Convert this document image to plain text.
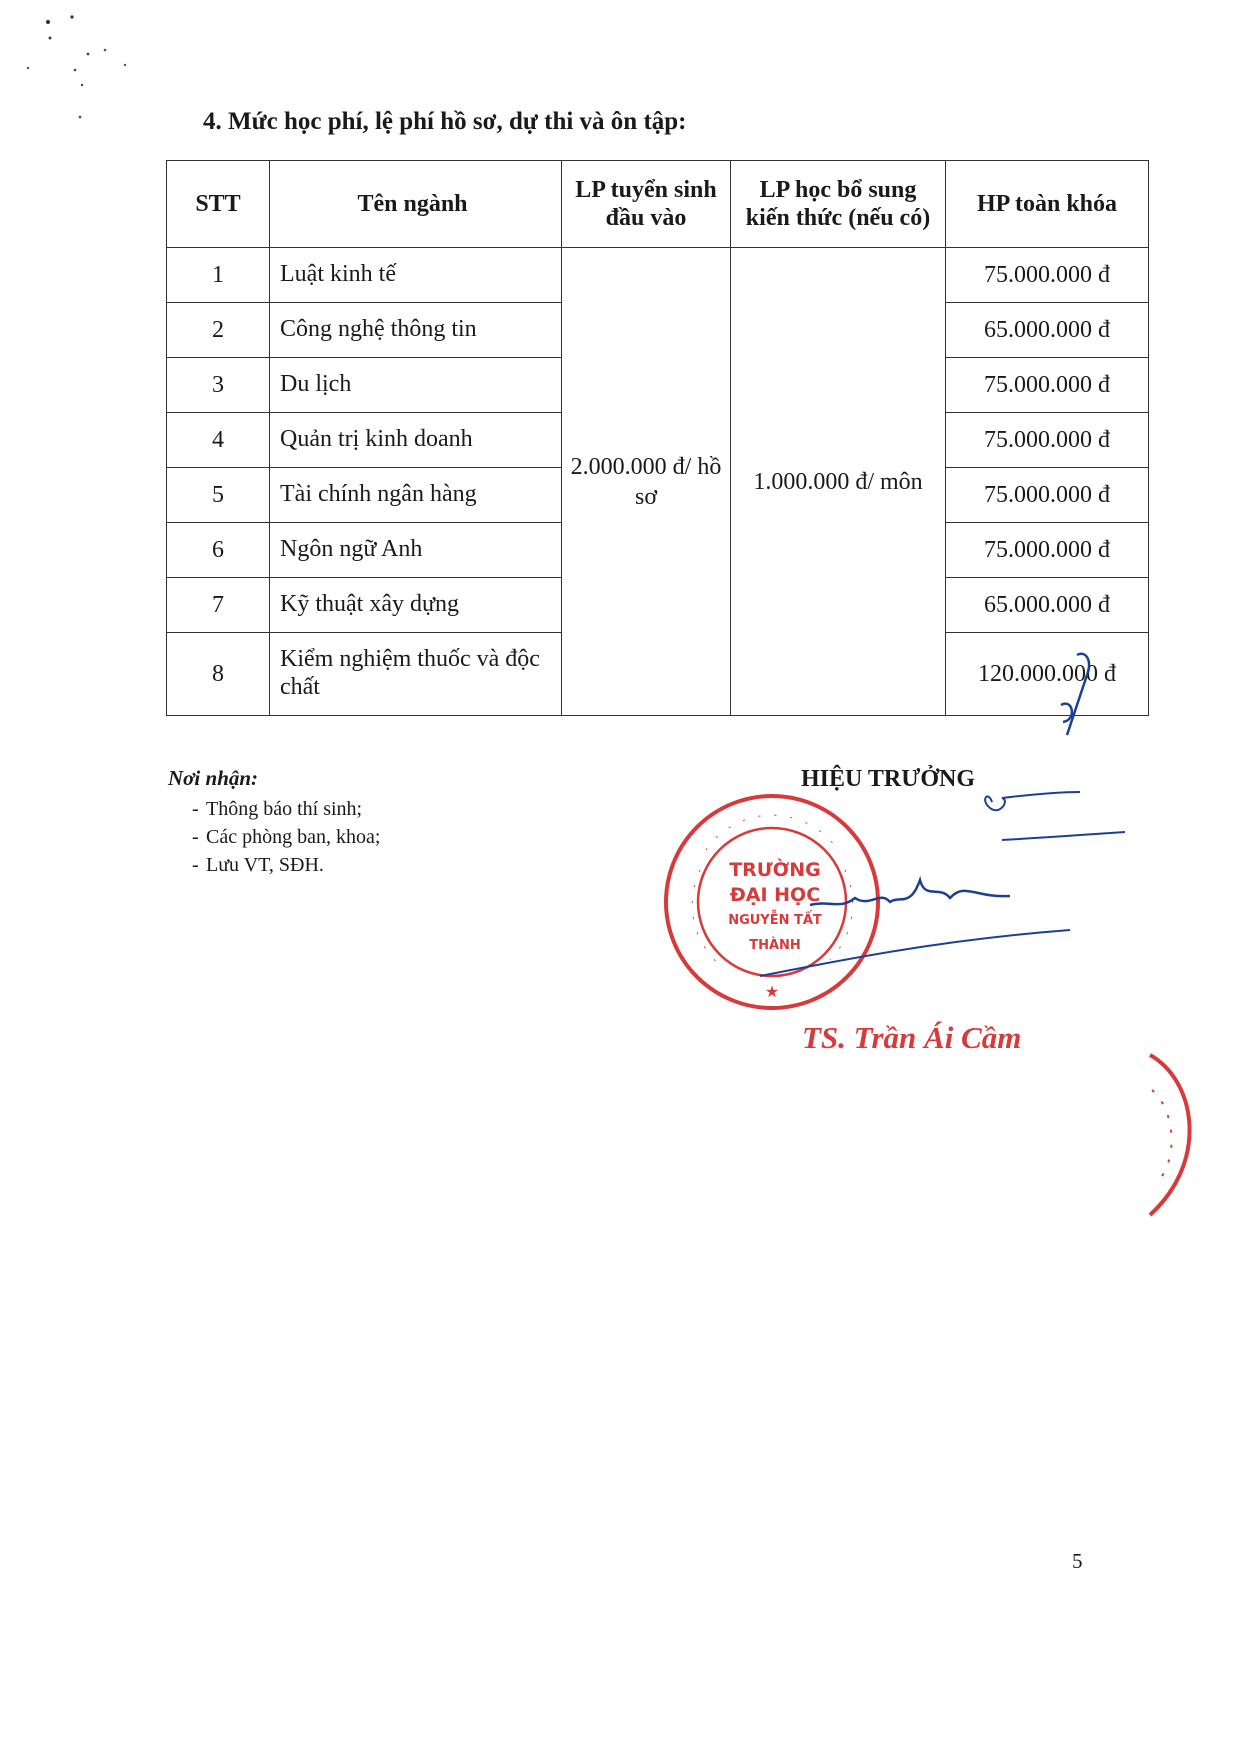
4. Mức học phí, lệ phí hồ sơ, dự thi và ôn tập:
STT	Tên ngành	LP tuyển sinh đầu vào	LP học bổ sung kiến thức (nếu có)	HP toàn khóa
1	Luật kinh tế	2.000.000 đ/ hồ sơ	1.000.000 đ/ môn	75.000.000 đ
2	Công nghệ thông tin			65.000.000 đ
3	Du lịch			75.000.000 đ
4	Quản trị kinh doanh			75.000.000 đ
5	Tài chính ngân hàng			75.000.000 đ
6	Ngôn ngữ Anh			75.000.000 đ
7	Kỹ thuật xây dựng			65.000.000 đ
8	Kiểm nghiệm thuốc và độc chất			120.000.000 đ
Nơi nhận:
- Thông báo thí sinh;
- Các phòng ban, khoa;
- Lưu VT, SĐH.
HIỆU TRƯỞNG
★
TRƯỜNG
ĐẠI HỌC
NGUYỄN TẤT THÀNH
TS. Trần Ái Cầm
5
